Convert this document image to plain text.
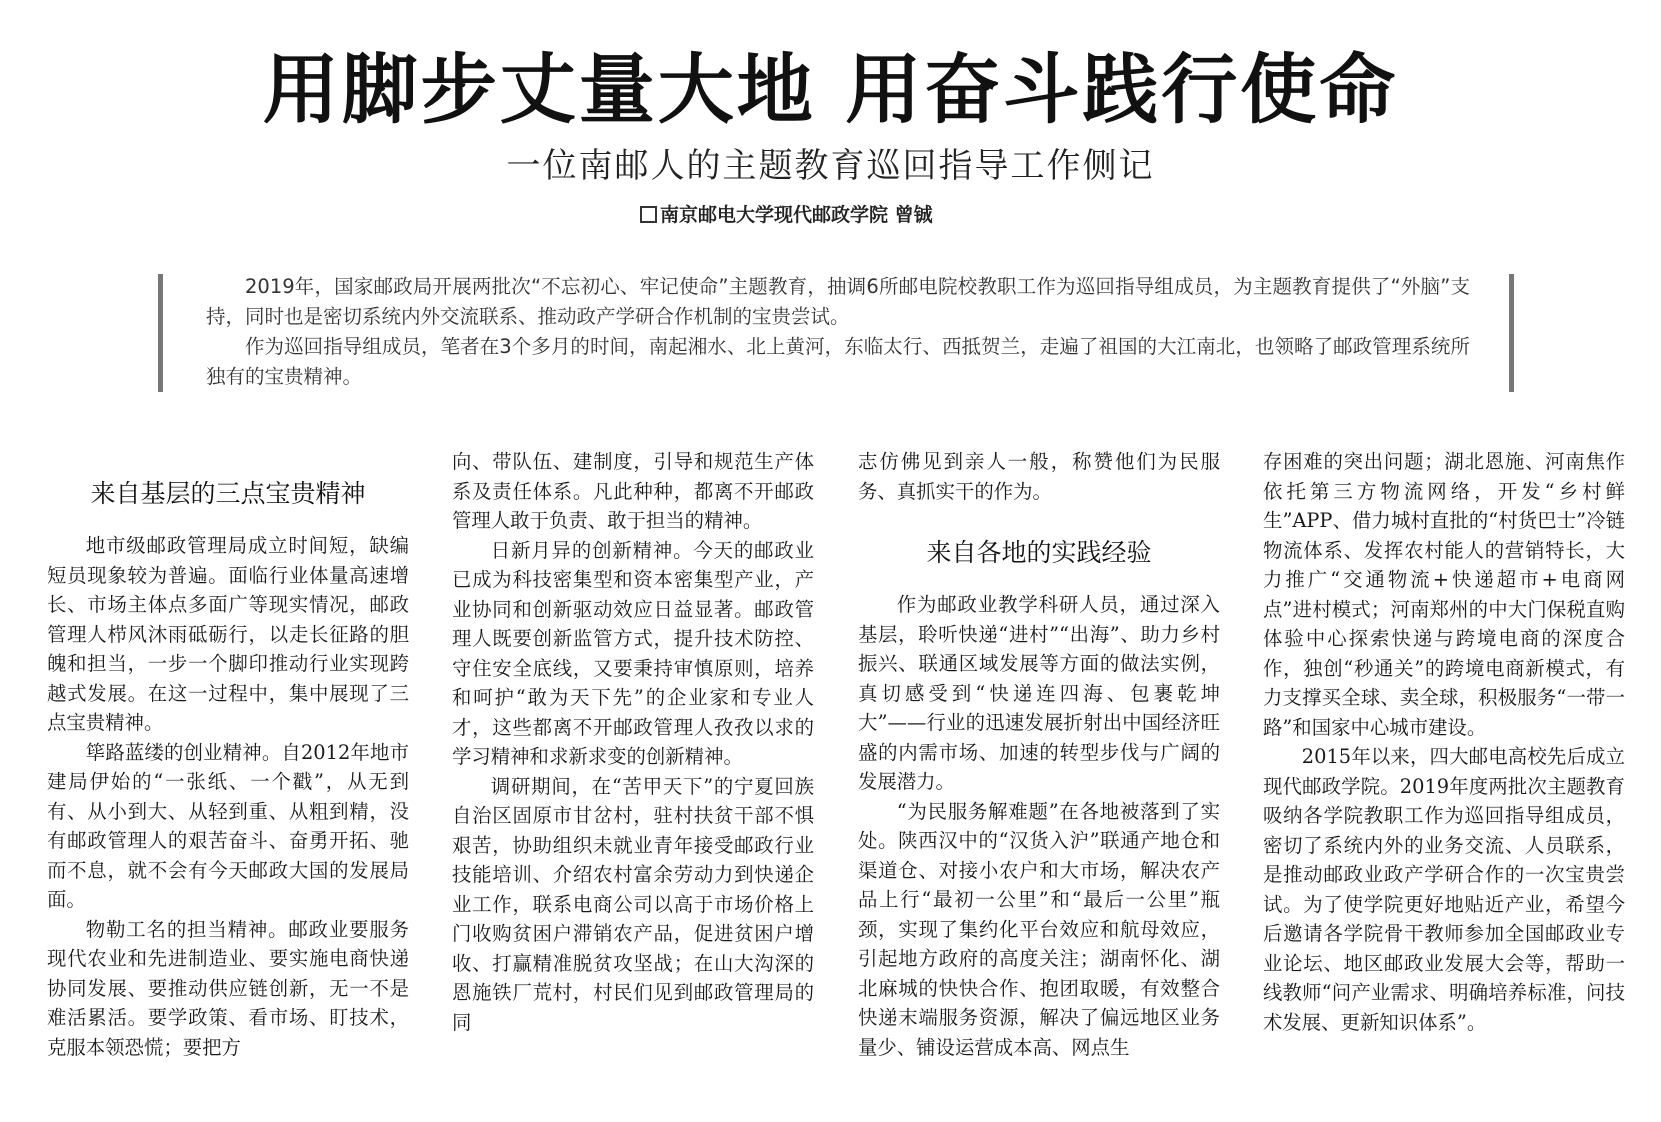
用脚步丈量大地 用奋斗践行使命
一位南邮人的主题教育巡回指导工作侧记
南京邮电大学现代邮政学院 曾铖

2019年，国家邮政局开展两批次“不忘初心、牢记使命”主题教育，抽调6所邮电院校教职工作为巡回指导组成员，为主题教育提供了“外脑”支持，同时也是密切系统内外交流联系、推动政产学研合作机制的宝贵尝试。

作为巡回指导组成员，笔者在3个多月的时间，南起湘水、北上黄河，东临太行、西抵贺兰，走遍了祖国的大江南北，也领略了邮政管理系统所独有的宝贵精神。

来自基层的三点宝贵精神

地市级邮政管理局成立时间短，缺编短员现象较为普遍。面临行业体量高速增长、市场主体点多面广等现实情况，邮政管理人栉风沐雨砥砺行，以走长征路的胆魄和担当，一步一个脚印推动行业实现跨越式发展。在这一过程中，集中展现了三点宝贵精神。

筚路蓝缕的创业精神。自2012年地市建局伊始的“一张纸、一个戳”，从无到有、从小到大、从轻到重、从粗到精，没有邮政管理人的艰苦奋斗、奋勇开拓、驰而不息，就不会有今天邮政大国的发展局面。

物勒工名的担当精神。邮政业要服务现代农业和先进制造业、要实施电商快递协同发展、要推动供应链创新，无一不是难活累活。要学政策、看市场、盯技术，克服本领恐慌；要把方

向、带队伍、建制度，引导和规范生产体系及责任体系。凡此种种，都离不开邮政管理人敢于负责、敢于担当的精神。

日新月异的创新精神。今天的邮政业已成为科技密集型和资本密集型产业，产业协同和创新驱动效应日益显著。邮政管理人既要创新监管方式，提升技术防控、守住安全底线，又要秉持审慎原则，培养和呵护“敢为天下先”的企业家和专业人才，这些都离不开邮政管理人孜孜以求的学习精神和求新求变的创新精神。

调研期间，在“苦甲天下”的宁夏回族自治区固原市甘岔村，驻村扶贫干部不惧艰苦，协助组织未就业青年接受邮政行业技能培训、介绍农村富余劳动力到快递企业工作，联系电商公司以高于市场价格上门收购贫困户滞销农产品，促进贫困户增收、打赢精准脱贫攻坚战；在山大沟深的恩施铁厂荒村，村民们见到邮政管理局的同

志仿佛见到亲人一般，称赞他们为民服务、真抓实干的作为。

来自各地的实践经验

作为邮政业教学科研人员，通过深入基层，聆听快递“进村”“出海”、助力乡村振兴、联通区域发展等方面的做法实例，真切感受到“快递连四海、包裹乾坤大”——行业的迅速发展折射出中国经济旺盛的内需市场、加速的转型步伐与广阔的发展潜力。

“为民服务解难题”在各地被落到了实处。陕西汉中的“汉货入沪”联通产地仓和渠道仓、对接小农户和大市场，解决农产品上行“最初一公里”和“最后一公里”瓶颈，实现了集约化平台效应和航母效应，引起地方政府的高度关注；湖南怀化、湖北麻城的快快合作、抱团取暖，有效整合快递末端服务资源，解决了偏远地区业务量少、铺设运营成本高、网点生

存困难的突出问题；湖北恩施、河南焦作依托第三方物流网络，开发“乡村鲜生”APP、借力城村直批的“村货巴士”冷链物流体系、发挥农村能人的营销特长，大力推广“交通物流+快递超市+电商网点”进村模式；河南郑州的中大门保税直购体验中心探索快递与跨境电商的深度合作，独创“秒通关”的跨境电商新模式，有力支撑买全球、卖全球，积极服务“一带一路”和国家中心城市建设。

2015年以来，四大邮电高校先后成立现代邮政学院。2019年度两批次主题教育吸纳各学院教职工作为巡回指导组成员，密切了系统内外的业务交流、人员联系，是推动邮政业政产学研合作的一次宝贵尝试。为了使学院更好地贴近产业，希望今后邀请各学院骨干教师参加全国邮政业专业论坛、地区邮政业发展大会等，帮助一线教师“问产业需求、明确培养标准，问技术发展、更新知识体系”。
